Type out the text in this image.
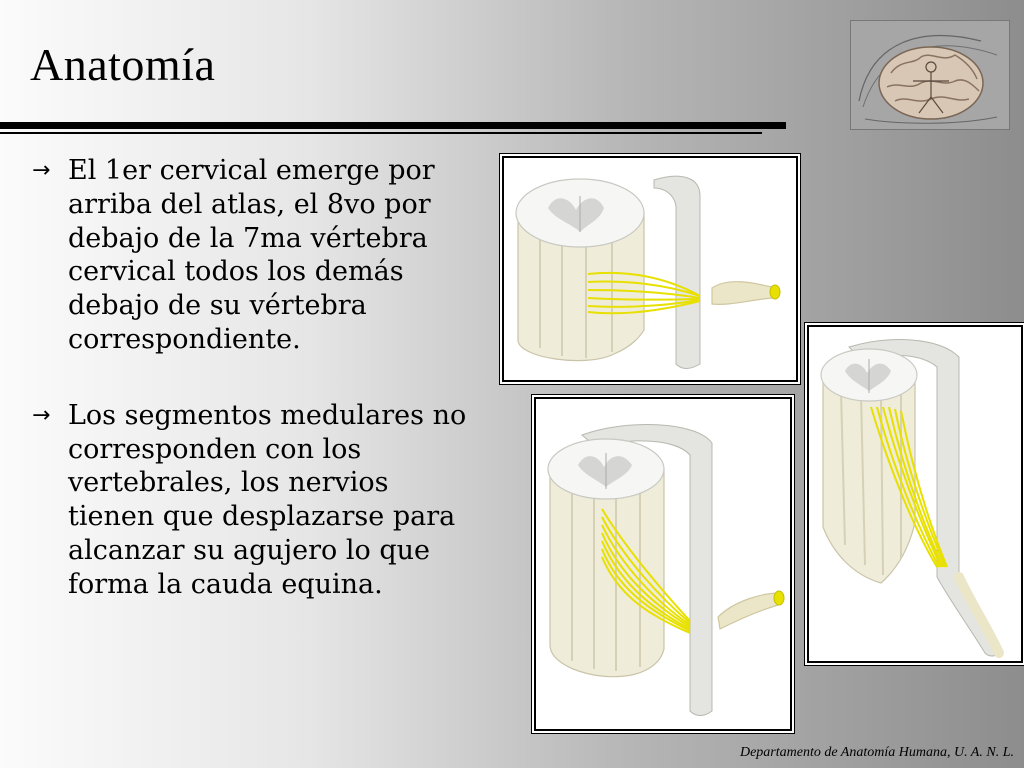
Anatomía
→ El 1er cervical emerge por arriba del atlas, el 8vo por debajo de la 7ma vértebra cervical todos los demás debajo de su vértebra correspondiente.
→ Los segmentos medulares no corresponden con los vertebrales, los nervios tienen que desplazarse para alcanzar su agujero lo que forma la cauda equina.
Departamento de Anatomía Humana, U. A. N. L.
